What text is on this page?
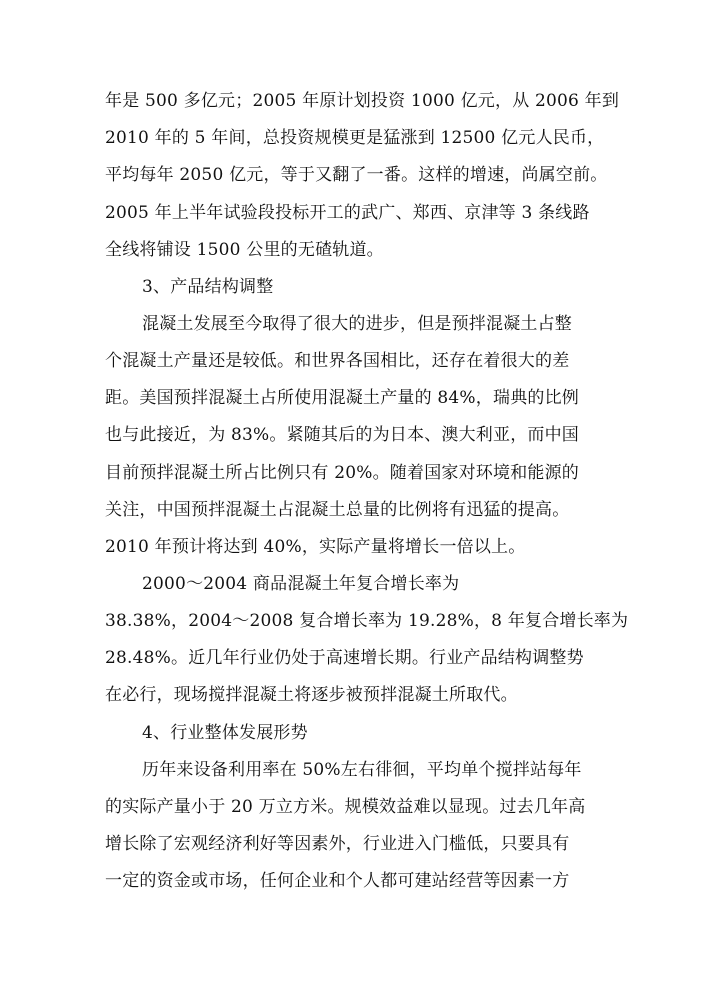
年是 500 多亿元；2005 年原计划投资 1000 亿元，从 2006 年到
2010 年的 5 年间，总投资规模更是猛涨到 12500 亿元人民币，
平均每年 2050 亿元，等于又翻了一番。这样的增速，尚属空前。
2005 年上半年试验段投标开工的武广、郑西、京津等 3 条线路
全线将铺设 1500 公里的无碴轨道。
3、产品结构调整
混凝土发展至今取得了很大的进步，但是预拌混凝土占整
个混凝土产量还是较低。和世界各国相比，还存在着很大的差
距。美国预拌混凝土占所使用混凝土产量的 84%，瑞典的比例
也与此接近，为 83%。紧随其后的为日本、澳大利亚，而中国
目前预拌混凝土所占比例只有 20%。随着国家对环境和能源的
关注，中国预拌混凝土占混凝土总量的比例将有迅猛的提高。
2010 年预计将达到 40%，实际产量将增长一倍以上。
2000～2004 商品混凝土年复合增长率为
38.38%，2004～2008 复合增长率为 19.28%，8 年复合增长率为
28.48%。近几年行业仍处于高速增长期。行业产品结构调整势
在必行，现场搅拌混凝土将逐步被预拌混凝土所取代。
4、行业整体发展形势
历年来设备利用率在 50%左右徘徊，平均单个搅拌站每年
的实际产量小于 20 万立方米。规模效益难以显现。过去几年高
增长除了宏观经济利好等因素外，行业进入门槛低，只要具有
一定的资金或市场，任何企业和个人都可建站经营等因素一方
